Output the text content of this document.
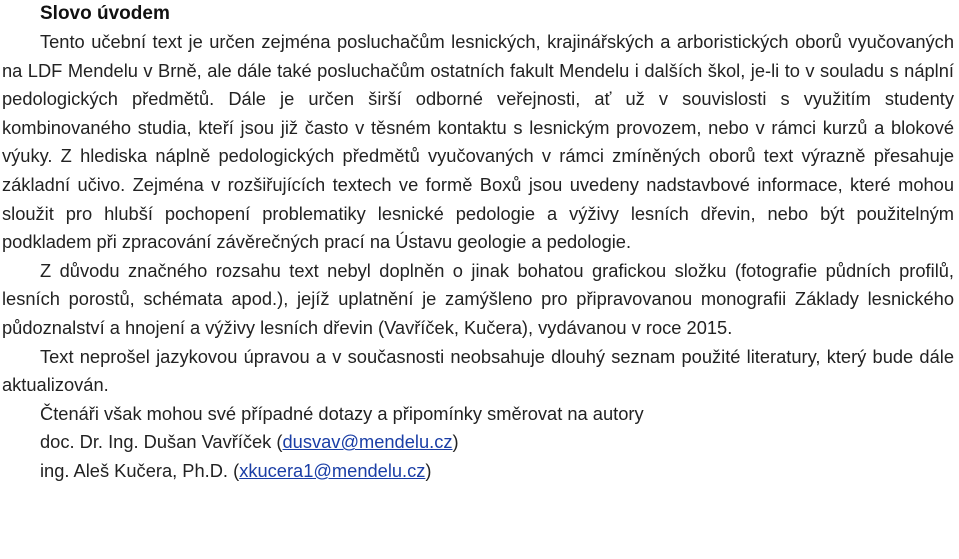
Slovo úvodem

Tento učební text je určen zejména posluchačům lesnických, krajinářských a arboristických oborů vyučovaných na LDF Mendelu v Brně, ale dále také posluchačům ostatních fakult Mendelu i dalších škol, je-li to v souladu s náplní pedologických předmětů. Dále je určen širší odborné veřejnosti, ať už v souvislosti s využitím studenty kombinovaného studia, kteří jsou již často v těsném kontaktu s lesnickým provozem, nebo v rámci kurzů a blokové výuky. Z hlediska náplně pedologických předmětů vyučovaných v rámci zmíněných oborů text výrazně přesahuje základní učivo. Zejména v rozšiřujících textech ve formě Boxů jsou uvedeny nadstavbové informace, které mohou sloužit pro hlubší pochopení problematiky lesnické pedologie a výživy lesních dřevin, nebo být použitelným podkladem při zpracování závěrečných prací na Ústavu geologie a pedologie.

Z důvodu značného rozsahu text nebyl doplněn o jinak bohatou grafickou složku (fotografie půdních profilů, lesních porostů, schémata apod.), jejíž uplatnění je zamýšleno pro připravovanou monografii Základy lesnického půdoznalství a hnojení a výživy lesních dřevin (Vavříček, Kučera), vydávanou v roce 2015.

Text neprošel jazykovou úpravou a v současnosti neobsahuje dlouhý seznam použité literatury, který bude dále aktualizován.

Čtenáři však mohou své případné dotazy a připomínky směrovat na autory

doc. Dr. Ing. Dušan Vavříček (dusvav@mendelu.cz)
ing. Aleš Kučera, Ph.D. (xkucera1@mendelu.cz)
